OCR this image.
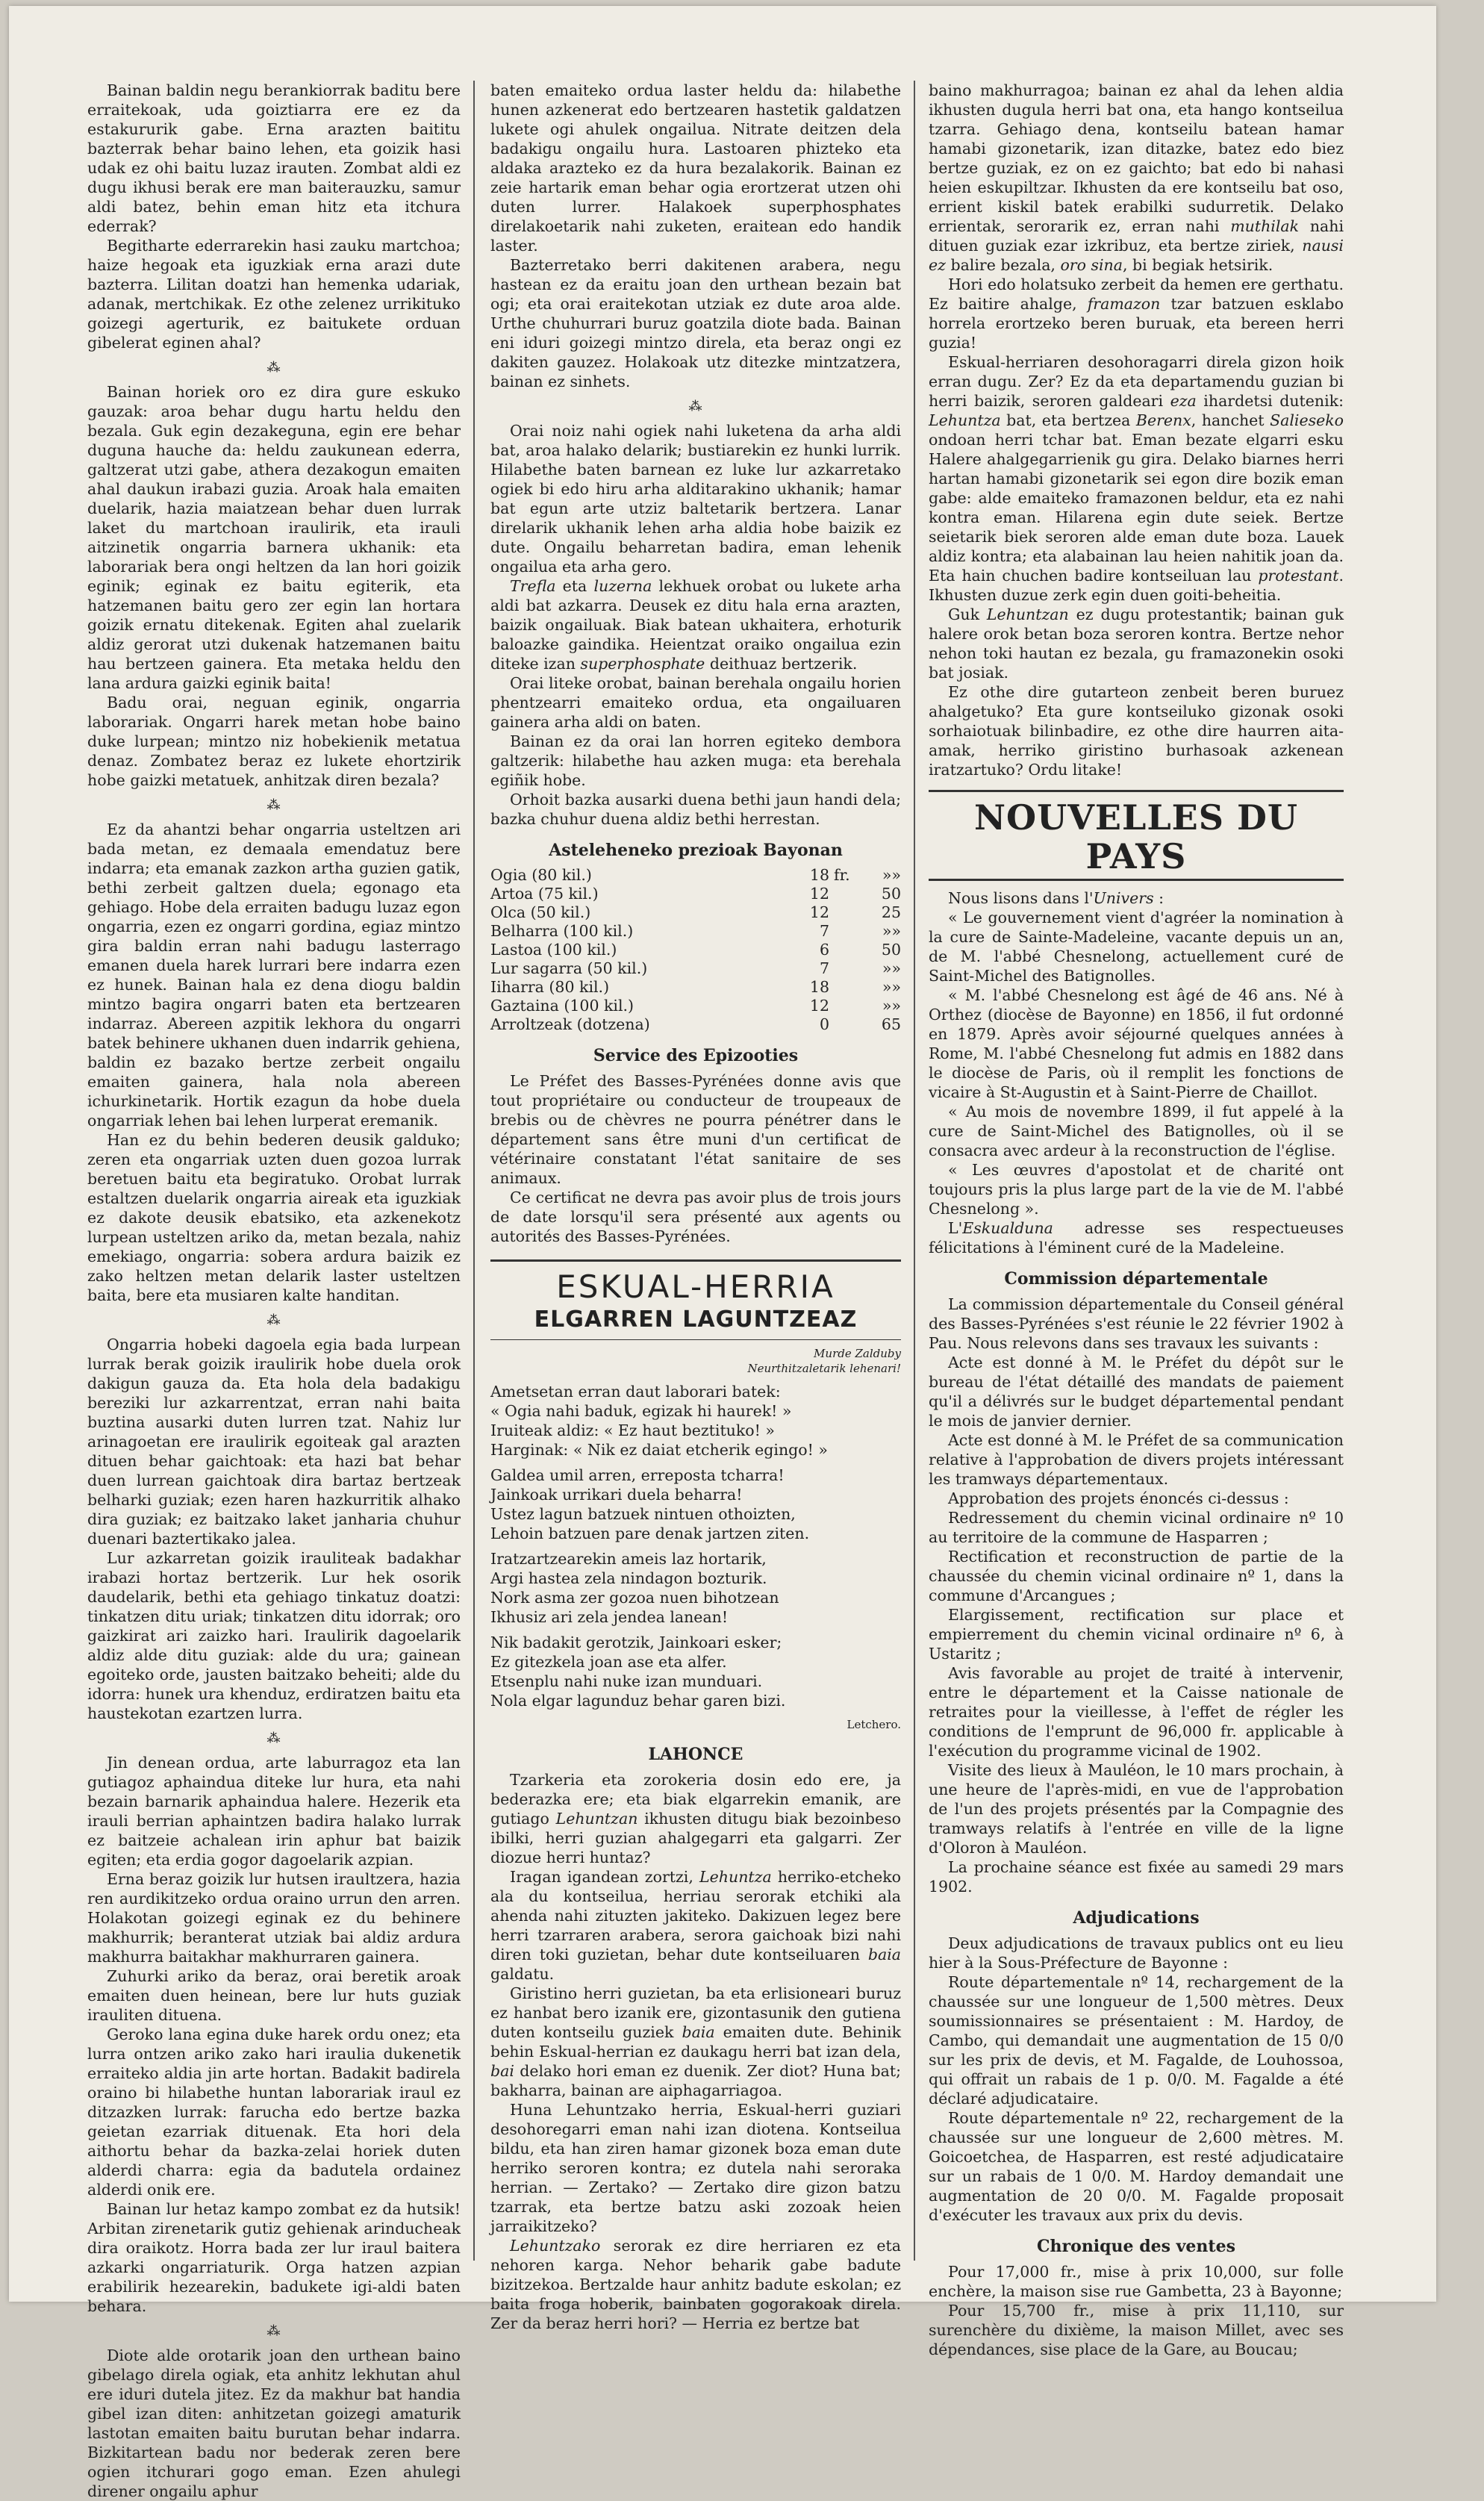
Bainan baldin negu berankiorrak baditu bere erraitekoak, uda goiztiarra ere ez da estakururik gabe. Erna arazten baititu bazterrak behar baino lehen, eta goizik hasi udak ez ohi baitu luzaz irauten. Zombat aldi ez dugu ikhusi berak ere man baiterauzku, samur aldi batez, behin eman hitz eta itchura ederrak?

Begitharte ederrarekin hasi zauku martchoa; haize hegoak eta iguzkiak erna arazi dute bazterra. Lilitan doatzi han hemenka udariak, adanak, mertchikak. Ez othe zelenez urrikituko goizegi agerturik, ez baitukete orduan gibelerat eginen ahal?

⁂

Bainan horiek oro ez dira gure eskuko gauzak: aroa behar dugu hartu heldu den bezala. Guk egin dezakeguna, egin ere behar duguna hauche da: heldu zaukunean ederra, galtzerat utzi gabe, athera dezakogun emaiten ahal daukun irabazi guzia. Aroak hala emaiten duelarik, hazia maiatzean behar duen lurrak laket du martchoan iraulirik, eta irauli aitzinetik ongarria barnera ukhanik: eta laborariak bera ongi heltzen da lan hori goizik eginik; eginak ez baitu egiterik, eta hatzemanen baitu gero zer egin lan hortara goizik ernatu ditekenak. Egiten ahal zuelarik aldiz gerorat utzi dukenak hatzemanen baitu hau bertzeen gainera. Eta metaka heldu den lana ardura gaizki eginik baita!

Badu orai, neguan eginik, ongarria laborariak. Ongarri harek metan hobe baino duke lurpean; mintzo niz hobekienik metatua denaz. Zombatez beraz ez lukete ehortzirik hobe gaizki metatuek, anhitzak diren bezala?

⁂

Ez da ahantzi behar ongarria usteltzen ari bada metan, ez demaala emendatuz bere indarra; eta emanak zazkon artha guzien gatik, bethi zerbeit galtzen duela; egonago eta gehiago. Hobe dela erraiten badugu luzaz egon ongarria, ezen ez ongarri gordina, egiaz mintzo gira baldin erran nahi badugu lasterrago emanen duela harek lurrari bere indarra ezen ez hunek. Bainan hala ez dena diogu baldin mintzo bagira ongarri baten eta bertzearen indarraz. Abereen azpitik lekhora du ongarri batek behinere ukhanen duen indarrik gehiena, baldin ez bazako bertze zerbeit ongailu emaiten gainera, hala nola abereen ichurkinetarik. Hortik ezagun da hobe duela ongarriak lehen bai lehen lurperat eremanik.

Han ez du behin bederen deusik galduko; zeren eta ongarriak uzten duen gozoa lurrak beretuen baitu eta begiratuko. Orobat lurrak estaltzen duelarik ongarria aireak eta iguzkiak ez dakote deusik ebatsiko, eta azkenekotz lurpean usteltzen ariko da, metan bezala, nahiz emekiago, ongarria: sobera ardura baizik ez zako heltzen metan delarik laster usteltzen baita, bere eta musiaren kalte handitan.

⁂

Ongarria hobeki dagoela egia bada lurpean lurrak berak goizik iraulirik hobe duela orok dakigun gauza da. Eta hola dela badakigu bereziki lur azkarrentzat, erran nahi baita buztina ausarki duten lurren tzat. Nahiz lur arinagoetan ere iraulirik egoiteak gal arazten dituen behar gaichtoak: eta hazi bat behar duen lurrean gaichtoak dira bartaz bertzeak belharki guziak; ezen haren hazkurritik alhako dira guziak; ez baitzako laket janharia chuhur duenari baztertikako jalea.

Lur azkarretan goizik irauliteak badakhar irabazi hortaz bertzerik. Lur hek osorik daudelarik, bethi eta gehiago tinkatuz doatzi: tinkatzen ditu uriak; tinkatzen ditu idorrak; oro gaizkirat ari zaizko hari. Iraulirik dagoelarik aldiz alde ditu guziak: alde du ura; gainean egoiteko orde, jausten baitzako beheiti; alde du idorra: hunek ura khenduz, erdiratzen baitu eta haustekotan ezartzen lurra.

⁂

Jin denean ordua, arte laburragoz eta lan gutiagoz aphaindua diteke lur hura, eta nahi bezain barnarik aphaindua halere. Hezerik eta irauli berrian aphaintzen badira halako lurrak ez baitzeie achalean irin aphur bat baizik egiten; eta erdia gogor dagoelarik azpian.

Erna beraz goizik lur hutsen iraultzera, hazia ren aurdikitzeko ordua oraino urrun den arren. Holakotan goizegi eginak ez du behinere makhurrik; beranterat utziak bai aldiz ardura makhurra baitakhar makhurraren gainera.

Zuhurki ariko da beraz, orai beretik aroak emaiten duen heinean, bere lur huts guziak irauliten dituena.

Geroko lana egina duke harek ordu onez; eta lurra ontzen ariko zako hari iraulia dukenetik erraiteko aldia jin arte hortan. Badakit badirela oraino bi hilabethe huntan laborariak iraul ez ditzazken lurrak: farucha edo bertze bazka geietan ezarriak dituenak. Eta hori dela aithortu behar da bazka-zelai horiek duten alderdi charra: egia da badutela ordainez alderdi onik ere.

Bainan lur hetaz kampo zombat ez da hutsik! Arbitan zirenetarik gutiz gehienak arinducheak dira oraikotz. Horra bada zer lur iraul baitera azkarki ongarriaturik. Orga hatzen azpian erabilirik hezearekin, badukete igi-aldi baten behara.

⁂

Diote alde orotarik joan den urthean baino gibelago direla ogiak, eta anhitz lekhutan ahul ere iduri dutela jitez. Ez da makhur bat handia gibel izan diten: anhitzetan goizegi amaturik lastotan emaiten baitu burutan behar indarra. Bizkitartean badu nor bederak zeren bere ogien itchurari gogo eman. Ezen ahulegi direner ongailu aphur

baten emaiteko ordua laster heldu da: hilabethe hunen azkenerat edo bertzearen hastetik galdatzen lukete ogi ahulek ongailua. Nitrate deitzen dela badakigu ongailu hura. Lastoaren phizteko eta aldaka arazteko ez da hura bezalakorik. Bainan ez zeie hartarik eman behar ogia erortzerat utzen ohi duten lurrer. Halakoek superphosphates direlakoetarik nahi zuketen, eraitean edo handik laster.

Bazterretako berri dakitenen arabera, negu hastean ez da eraitu joan den urthean bezain bat ogi; eta orai eraitekotan utziak ez dute aroa alde. Urthe chuhurrari buruz goatzila diote bada. Bainan eni iduri goizegi mintzo direla, eta beraz ongi ez dakiten gauzez. Holakoak utz ditezke mintzatzera, bainan ez sinhets.

⁂

Orai noiz nahi ogiek nahi luketena da arha aldi bat, aroa halako delarik; bustiarekin ez hunki lurrik. Hilabethe baten barnean ez luke lur azkarretako ogiek bi edo hiru arha alditarakino ukhanik; hamar bat egun arte utziz baltetarik bertzera. Lanar direlarik ukhanik lehen arha aldia hobe baizik ez dute. Ongailu beharretan badira, eman lehenik ongailua eta arha gero.

Trefla eta luzerna lekhuek orobat ou lukete arha aldi bat azkarra. Deusek ez ditu hala erna arazten, baizik ongailuak. Biak batean ukhaitera, erhoturik baloazke gaindika. Heientzat oraiko ongailua ezin diteke izan superphosphate deithuaz bertzerik.

Orai liteke orobat, bainan berehala ongailu horien phentzearri emaiteko ordua, eta ongailuaren gainera arha aldi on baten.

Bainan ez da orai lan horren egiteko dembora galtzerik: hilabethe hau azken muga: eta berehala egiñik hobe.

Orhoit bazka ausarki duena bethi jaun handi dela; bazka chuhur duena aldiz bethi herrestan.

Asteleheneko prezioak Bayonan
Ogia (80 kil.)	18	fr.	»»
Artoa (75 kil.)	12		50
Olca (50 kil.)	12		25
Belharra (100 kil.)	7		»»
Lastoa (100 kil.)	6		50
Lur sagarra (50 kil.)	7		»»
Iiharra (80 kil.)	18		»»
Gaztaina (100 kil.)	12		»»
Arroltzeak (dotzena)	0		65
Service des Epizooties

Le Préfet des Basses-Pyrénées donne avis que tout propriétaire ou conducteur de troupeaux de brebis ou de chèvres ne pourra pénétrer dans le département sans être muni d'un certificat de vétérinaire constatant l'état sanitaire de ses animaux.

Ce certificat ne devra pas avoir plus de trois jours de date lorsqu'il sera présenté aux agents ou autorités des Basses-Pyrénées.

ESKUAL-HERRIA
ELGARREN LAGUNTZEAZ
Murde Zalduby
Neurthitzaletarik lehenari!

Ametsetan erran daut laborari batek:

« Ogia nahi baduk, egizak hi haurek! »

Iruiteak aldiz: « Ez haut beztituko! »

Harginak: « Nik ez daiat etcherik egingo! »

Galdea umil arren, erreposta tcharra!

Jainkoak urrikari duela beharra!

Ustez lagun batzuek nintuen othoizten,

Lehoin batzuen pare denak jartzen ziten.

Iratzartzearekin ameis laz hortarik,

Argi hastea zela nindagon bozturik.

Nork asma zer gozoa nuen bihotzean

Ikhusiz ari zela jendea lanean!

Nik badakit gerotzik, Jainkoari esker;

Ez gitezkela joan ase eta alfer.

Etsenplu nahi nuke izan munduari.

Nola elgar lagunduz behar garen bizi.

Letchero.
LAHONCE

Tzarkeria eta zorokeria dosin edo ere, ja bederazka ere; eta biak elgarrekin emanik, are gutiago Lehuntzan ikhusten ditugu biak bezoinbeso ibilki, herri guzian ahalgegarri eta galgarri. Zer diozue herri huntaz?

Iragan igandean zortzi, Lehuntza herriko-etcheko ala du kontseilua, herriau serorak etchiki ala ahenda nahi zituzten jakiteko. Dakizuen legez bere herri tzarraren arabera, serora gaichoak bizi nahi diren toki guzietan, behar dute kontseiluaren baia galdatu.

Giristino herri guzietan, ba eta erlisioneari buruz ez hanbat bero izanik ere, gizontasunik den gutiena duten kontseilu guziek baia emaiten dute. Behinik behin Eskual-herrian ez daukagu herri bat izan dela, bai delako hori eman ez duenik. Zer diot? Huna bat; bakharra, bainan are aiphagarriagoa.

Huna Lehuntzako herria, Eskual-herri guziari desohoregarri eman nahi izan diotena. Kontseilua bildu, eta han ziren hamar gizonek boza eman dute herriko seroren kontra; ez dutela nahi seroraka herrian. — Zertako? — Zertako dire gizon batzu tzarrak, eta bertze batzu aski zozoak heien jarraikitzeko?

Lehuntzako serorak ez dire herriaren ez eta nehoren karga. Nehor beharik gabe badute bizitzekoa. Bertzalde haur anhitz badute eskolan; ez baita froga hoberik, bainbaten gogorakoak direla. Zer da beraz herri hori? — Herria ez bertze bat

baino makhurragoa; bainan ez ahal da lehen aldia ikhusten dugula herri bat ona, eta hango kontseilua tzarra. Gehiago dena, kontseilu batean hamar hamabi gizonetarik, izan ditazke, batez edo biez bertze guziak, ez on ez gaichto; bat edo bi nahasi heien eskupiltzar. Ikhusten da ere kontseilu bat oso, errient kiskil batek erabilki sudurretik. Delako errientak, serorarik ez, erran nahi muthilak nahi dituen guziak ezar izkribuz, eta bertze ziriek, nausi ez balire bezala, oro sina, bi begiak hetsirik.

Hori edo holatsuko zerbeit da hemen ere gerthatu. Ez baitire ahalge, framazon tzar batzuen esklabo horrela erortzeko beren buruak, eta bereen herri guzia!

Eskual-herriaren desohoragarri direla gizon hoik erran dugu. Zer? Ez da eta departamendu guzian bi herri baizik, seroren galdeari eza ihardetsi dutenik: Lehuntza bat, eta bertzea Berenx, hanchet Salieseko ondoan herri tchar bat. Eman bezate elgarri esku Halere ahalgegarrienik gu gira. Delako biarnes herri hartan hamabi gizonetarik sei egon dire bozik eman gabe: alde emaiteko framazonen beldur, eta ez nahi kontra eman. Hilarena egin dute seiek. Bertze seietarik biek seroren alde eman dute boza. Lauek aldiz kontra; eta alabainan lau heien nahitik joan da. Eta hain chuchen badire kontseiluan lau protestant. Ikhusten duzue zerk egin duen goiti-beheitia.

Guk Lehuntzan ez dugu protestantik; bainan guk halere orok betan boza seroren kontra. Bertze nehor nehon toki hautan ez bezala, gu framazonekin osoki bat josiak.

Ez othe dire gutarteon zenbeit beren buruez ahalgetuko? Eta gure kontseiluko gizonak osoki sorhaiotuak bilinbadire, ez othe dire haurren aita-amak, herriko giristino burhasoak azkenean iratzartuko? Ordu litake!

NOUVELLES DU PAYS

Nous lisons dans l'Univers :

« Le gouvernement vient d'agréer la nomination à la cure de Sainte-Madeleine, vacante depuis un an, de M. l'abbé Chesnelong, actuellement curé de Saint-Michel des Batignolles.

« M. l'abbé Chesnelong est âgé de 46 ans. Né à Orthez (diocèse de Bayonne) en 1856, il fut ordonné en 1879. Après avoir séjourné quelques années à Rome, M. l'abbé Chesnelong fut admis en 1882 dans le diocèse de Paris, où il remplit les fonctions de vicaire à St-Augustin et à Saint-Pierre de Chaillot.

« Au mois de novembre 1899, il fut appelé à la cure de Saint-Michel des Batignolles, où il se consacra avec ardeur à la reconstruction de l'église.

« Les œuvres d'apostolat et de charité ont toujours pris la plus large part de la vie de M. l'abbé Chesnelong ».

L'Eskualduna adresse ses respectueuses félicitations à l'éminent curé de la Madeleine.

Commission départementale

La commission départementale du Conseil général des Basses-Pyrénées s'est réunie le 22 février 1902 à Pau. Nous relevons dans ses travaux les suivants :

Acte est donné à M. le Préfet du dépôt sur le bureau de l'état détaillé des mandats de paiement qu'il a délivrés sur le budget départemental pendant le mois de janvier dernier.

Acte est donné à M. le Préfet de sa communication relative à l'approbation de divers projets intéressant les tramways départementaux.

Approbation des projets énoncés ci-dessus :

Redressement du chemin vicinal ordinaire nº 10 au territoire de la commune de Hasparren ;

Rectification et reconstruction de partie de la chaussée du chemin vicinal ordinaire nº 1, dans la commune d'Arcangues ;

Elargissement, rectification sur place et empierrement du chemin vicinal ordinaire nº 6, à Ustaritz ;

Avis favorable au projet de traité à intervenir, entre le département et la Caisse nationale de retraites pour la vieillesse, à l'effet de régler les conditions de l'emprunt de 96,000 fr. applicable à l'exécution du programme vicinal de 1902.

Visite des lieux à Mauléon, le 10 mars prochain, à une heure de l'après-midi, en vue de l'approbation de l'un des projets présentés par la Compagnie des tramways relatifs à l'entrée en ville de la ligne d'Oloron à Mauléon.

La prochaine séance est fixée au samedi 29 mars 1902.

Adjudications

Deux adjudications de travaux publics ont eu lieu hier à la Sous-Préfecture de Bayonne :

Route départementale nº 14, rechargement de la chaussée sur une longueur de 1,500 mètres. Deux soumissionnaires se présentaient : M. Hardoy, de Cambo, qui demandait une augmentation de 15 0/0 sur les prix de devis, et M. Fagalde, de Louhossoa, qui offrait un rabais de 1 p. 0/0. M. Fagalde a été déclaré adjudicataire.

Route départementale nº 22, rechargement de la chaussée sur une longueur de 2,600 mètres. M. Goicoetchea, de Hasparren, est resté adjudicataire sur un rabais de 1 0/0. M. Hardoy demandait une augmentation de 20 0/0. M. Fagalde proposait d'exécuter les travaux aux prix du devis.

Chronique des ventes

Pour 17,000 fr., mise à prix 10,000, sur folle enchère, la maison sise rue Gambetta, 23 à Bayonne;

Pour 15,700 fr., mise à prix 11,110, sur surenchère du dixième, la maison Millet, avec ses dépendances, sise place de la Gare, au Boucau;
